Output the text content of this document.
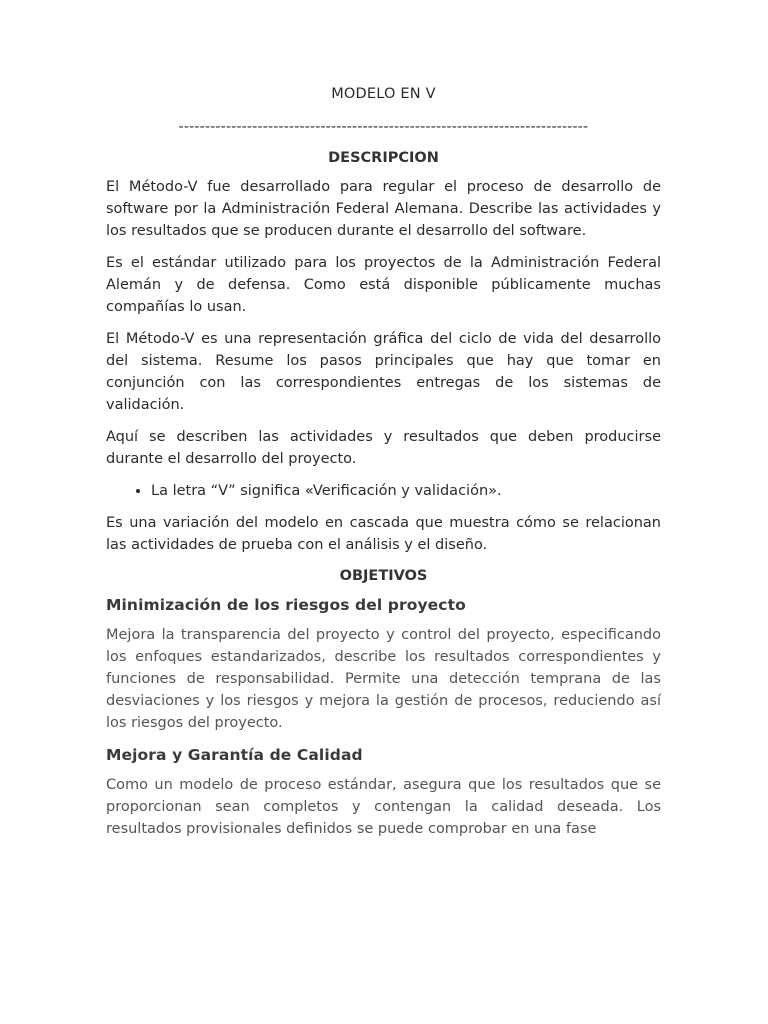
MODELO EN V
------------------------------------------------------------------------------
DESCRIPCION

El Método-V fue desarrollado para regular el proceso de desarrollo de software por la Administración Federal Alemana. Describe las actividades y los resultados que se producen durante el desarrollo del software.

Es el estándar utilizado para los proyectos de la Administración Federal Alemán y de defensa. Como está disponible públicamente muchas compañías lo usan.

El Método-V es una representación gráfica del ciclo de vida del desarrollo del sistema. Resume los pasos principales que hay que tomar en conjunción con las correspondientes entregas de los sistemas de validación.

Aquí se describen las actividades y resultados que deben producirse durante el desarrollo del proyecto.

• La letra “V” significa «Verificación y validación».

Es una variación del modelo en cascada que muestra cómo se relacionan las actividades de prueba con el análisis y el diseño.

OBJETIVOS
Minimización de los riesgos del proyecto

Mejora la transparencia del proyecto y control del proyecto, especificando los enfoques estandarizados, describe los resultados correspondientes y funciones de responsabilidad. Permite una detección temprana de las desviaciones y los riesgos y mejora la gestión de procesos, reduciendo así los riesgos del proyecto.

Mejora y Garantía de Calidad

Como un modelo de proceso estándar, asegura que los resultados que se proporcionan sean completos y contengan la calidad deseada. Los resultados provisionales definidos se puede comprobar en una fase
